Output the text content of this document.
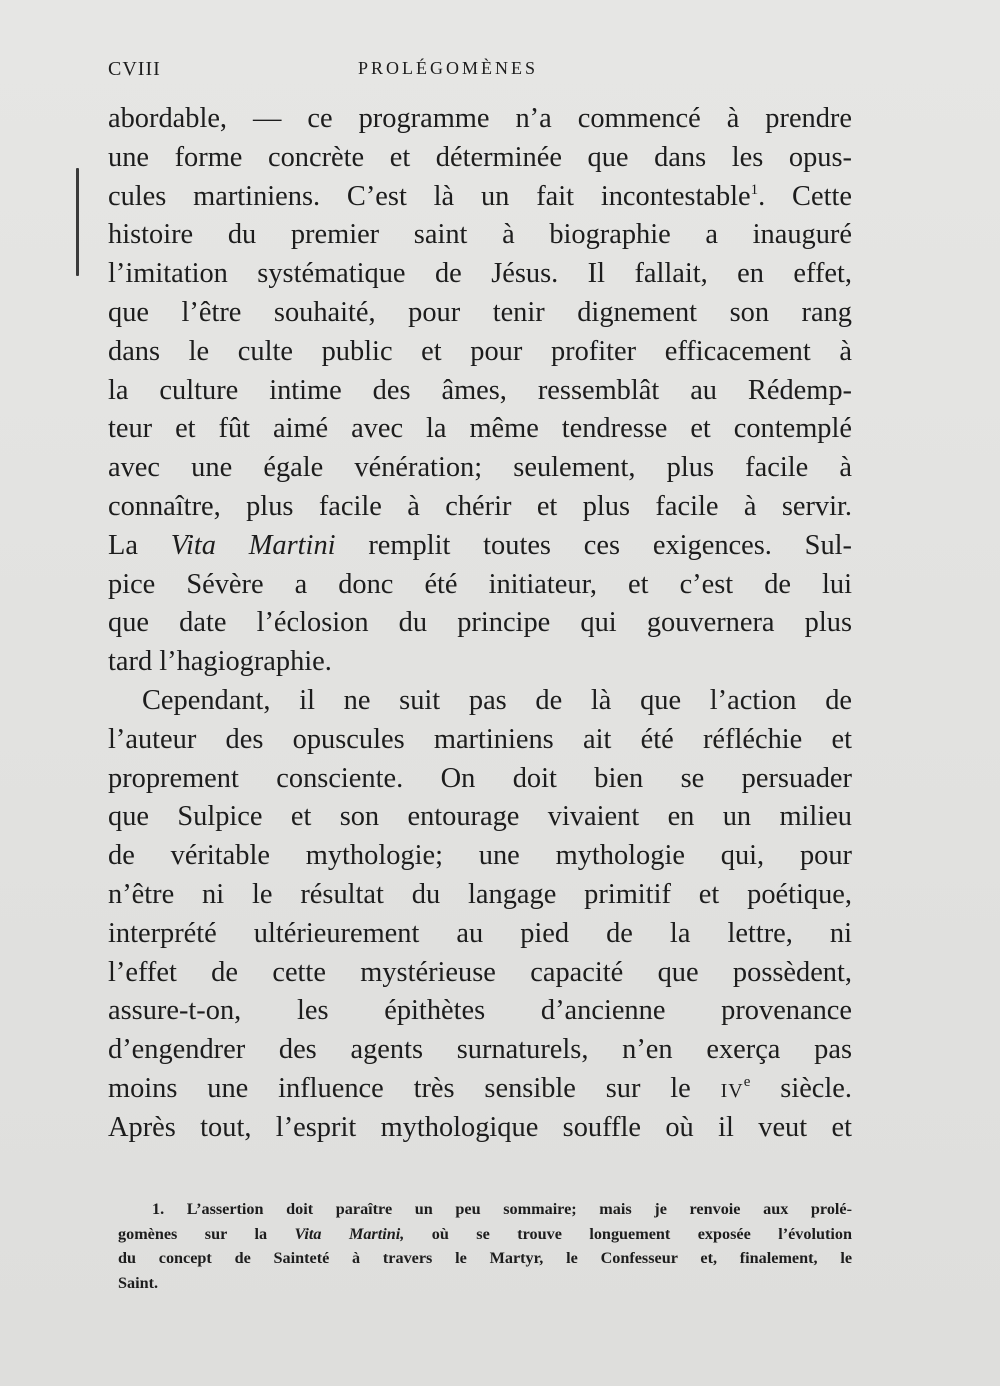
CVIII	PROLÉGOMÈNES
abordable, — ce programme n’a commencé à prendre
une forme concrète et déterminée que dans les opus-
cules martiniens. C’est là un fait incontestable$^1$. Cette
histoire du premier saint à biographie a inauguré
l’imitation systématique de Jésus. Il fallait, en effet,
que l’être souhaité, pour tenir dignement son rang
dans le culte public et pour profiter efficacement à
la culture intime des âmes, ressemblât au Rédemp-
teur et fût aimé avec la même tendresse et contemplé
avec une égale vénération; seulement, plus facile à
connaître, plus facile à chérir et plus facile à servir.
La Vita Martini remplit toutes ces exigences. Sul-
pice Sévère a donc été initiateur, et c’est de lui
que date l’éclosion du principe qui gouvernera plus
tard l’hagiographie.
Cependant, il ne suit pas de là que l’action de
l’auteur des opuscules martiniens ait été réfléchie et
proprement consciente. On doit bien se persuader
que Sulpice et son entourage vivaient en un milieu
de véritable mythologie; une mythologie qui, pour
n’être ni le résultat du langage primitif et poétique,
interprété ultérieurement au pied de la lettre, ni
l’effet de cette mystérieuse capacité que possèdent,
assure-t-on, les épithètes d’ancienne provenance
d’engendrer des agents surnaturels, n’en exerça pas
moins une influence très sensible sur le IVe siècle.
Après tout, l’esprit mythologique souffle où il veut et
1. L’assertion doit paraître un peu sommaire; mais je renvoie aux prolé-
gomènes sur la Vita Martini, où se trouve longuement exposée l’évolution
du concept de Sainteté à travers le Martyr, le Confesseur et, finalement, le
Saint.
